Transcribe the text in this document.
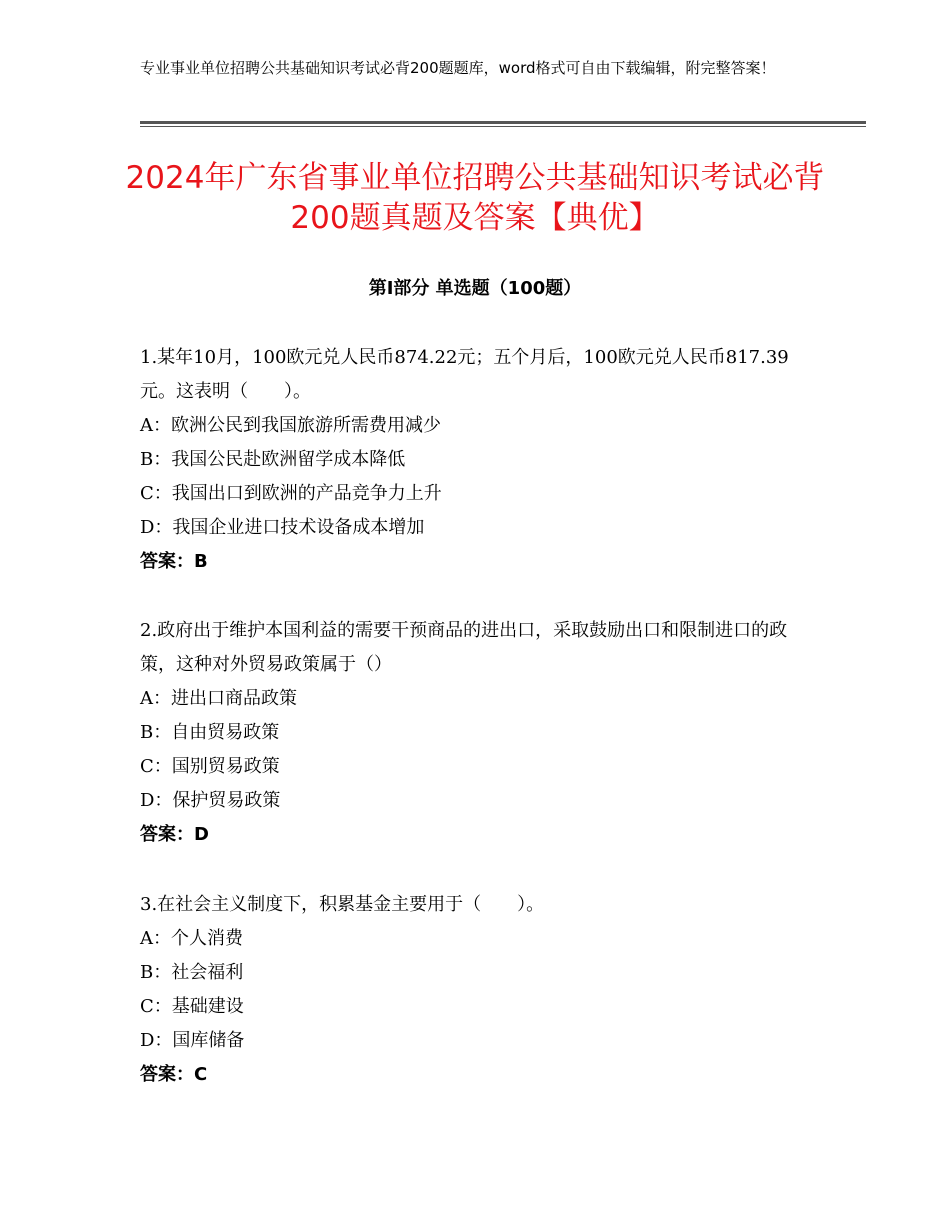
专业事业单位招聘公共基础知识考试必背200题题库，word格式可自由下载编辑，附完整答案！
2024年广东省事业单位招聘公共基础知识考试必背200题真题及答案【典优】
第Ⅰ部分 单选题（100题）

1.某年10月，100欧元兑人民币874.22元；五个月后，100欧元兑人民币817.39元。这表明（　　）。

A：欧洲公民到我国旅游所需费用减少

B：我国公民赴欧洲留学成本降低

C：我国出口到欧洲的产品竞争力上升

D：我国企业进口技术设备成本增加

答案：B

2.政府出于维护本国利益的需要干预商品的进出口，采取鼓励出口和限制进口的政策，这种对外贸易政策属于（）

A：进出口商品政策

B：自由贸易政策

C：国别贸易政策

D：保护贸易政策

答案：D

3.在社会主义制度下，积累基金主要用于（　　）。

A：个人消费

B：社会福利

C：基础建设

D：国库储备

答案：C
